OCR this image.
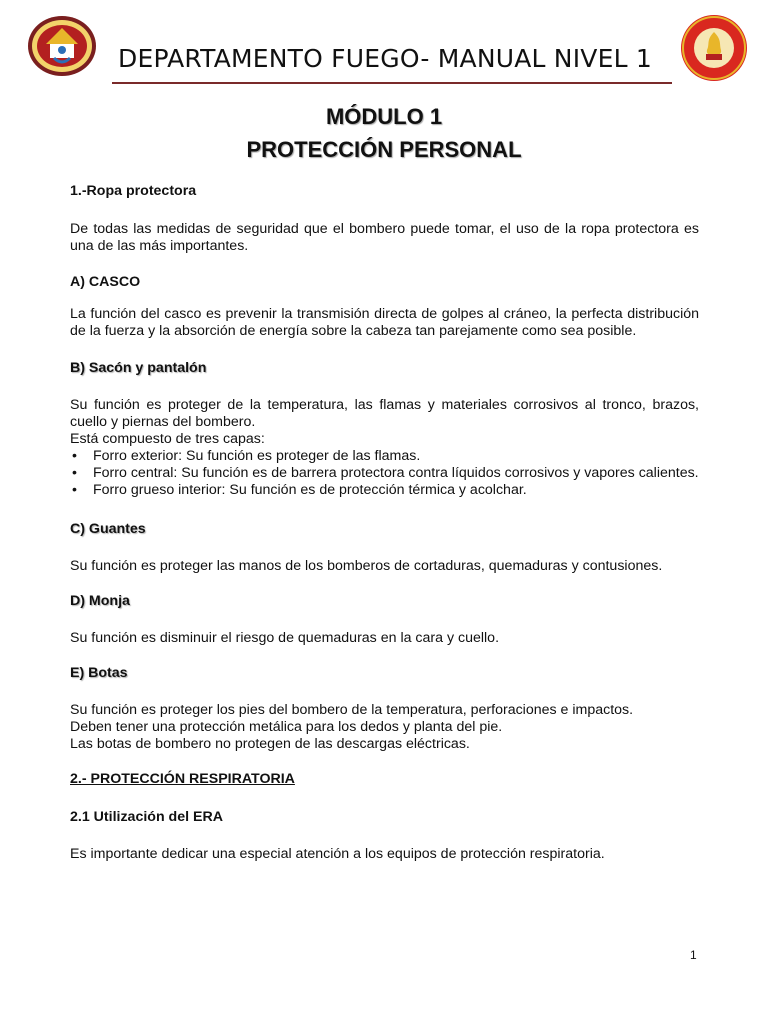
DEPARTAMENTO FUEGO- MANUAL NIVEL 1
MÓDULO 1
PROTECCIÓN PERSONAL

1.-Ropa protectora

De todas las medidas de seguridad que el bombero puede tomar, el uso de la ropa protectora es una de las más importantes.

A) CASCO

La función del casco es prevenir la transmisión directa de golpes al cráneo, la perfecta distribución de la fuerza y la absorción de energía sobre la cabeza tan parejamente como sea posible.

B) Sacón y pantalón

Su función es proteger de la temperatura, las flamas y materiales corrosivos al tronco, brazos, cuello y piernas del bombero.

Está compuesto de tres capas:

• Forro exterior: Su función es proteger de las flamas.
• Forro central: Su función es de barrera protectora contra líquidos corrosivos y vapores calientes.
• Forro grueso interior: Su función es de protección térmica y acolchar.

C) Guantes

Su función es proteger las manos de los bomberos de cortaduras, quemaduras y contusiones.

D) Monja

Su función es disminuir el riesgo de quemaduras en la cara y cuello.

E) Botas

Su función es proteger los pies del bombero de la temperatura, perforaciones e impactos.

Deben tener una protección metálica para los dedos y planta del pie.

Las botas de bombero no protegen de las descargas eléctricas.

2.- PROTECCIÓN RESPIRATORIA

2.1 Utilización del ERA

Es importante dedicar una especial atención a los equipos de protección respiratoria.

1
